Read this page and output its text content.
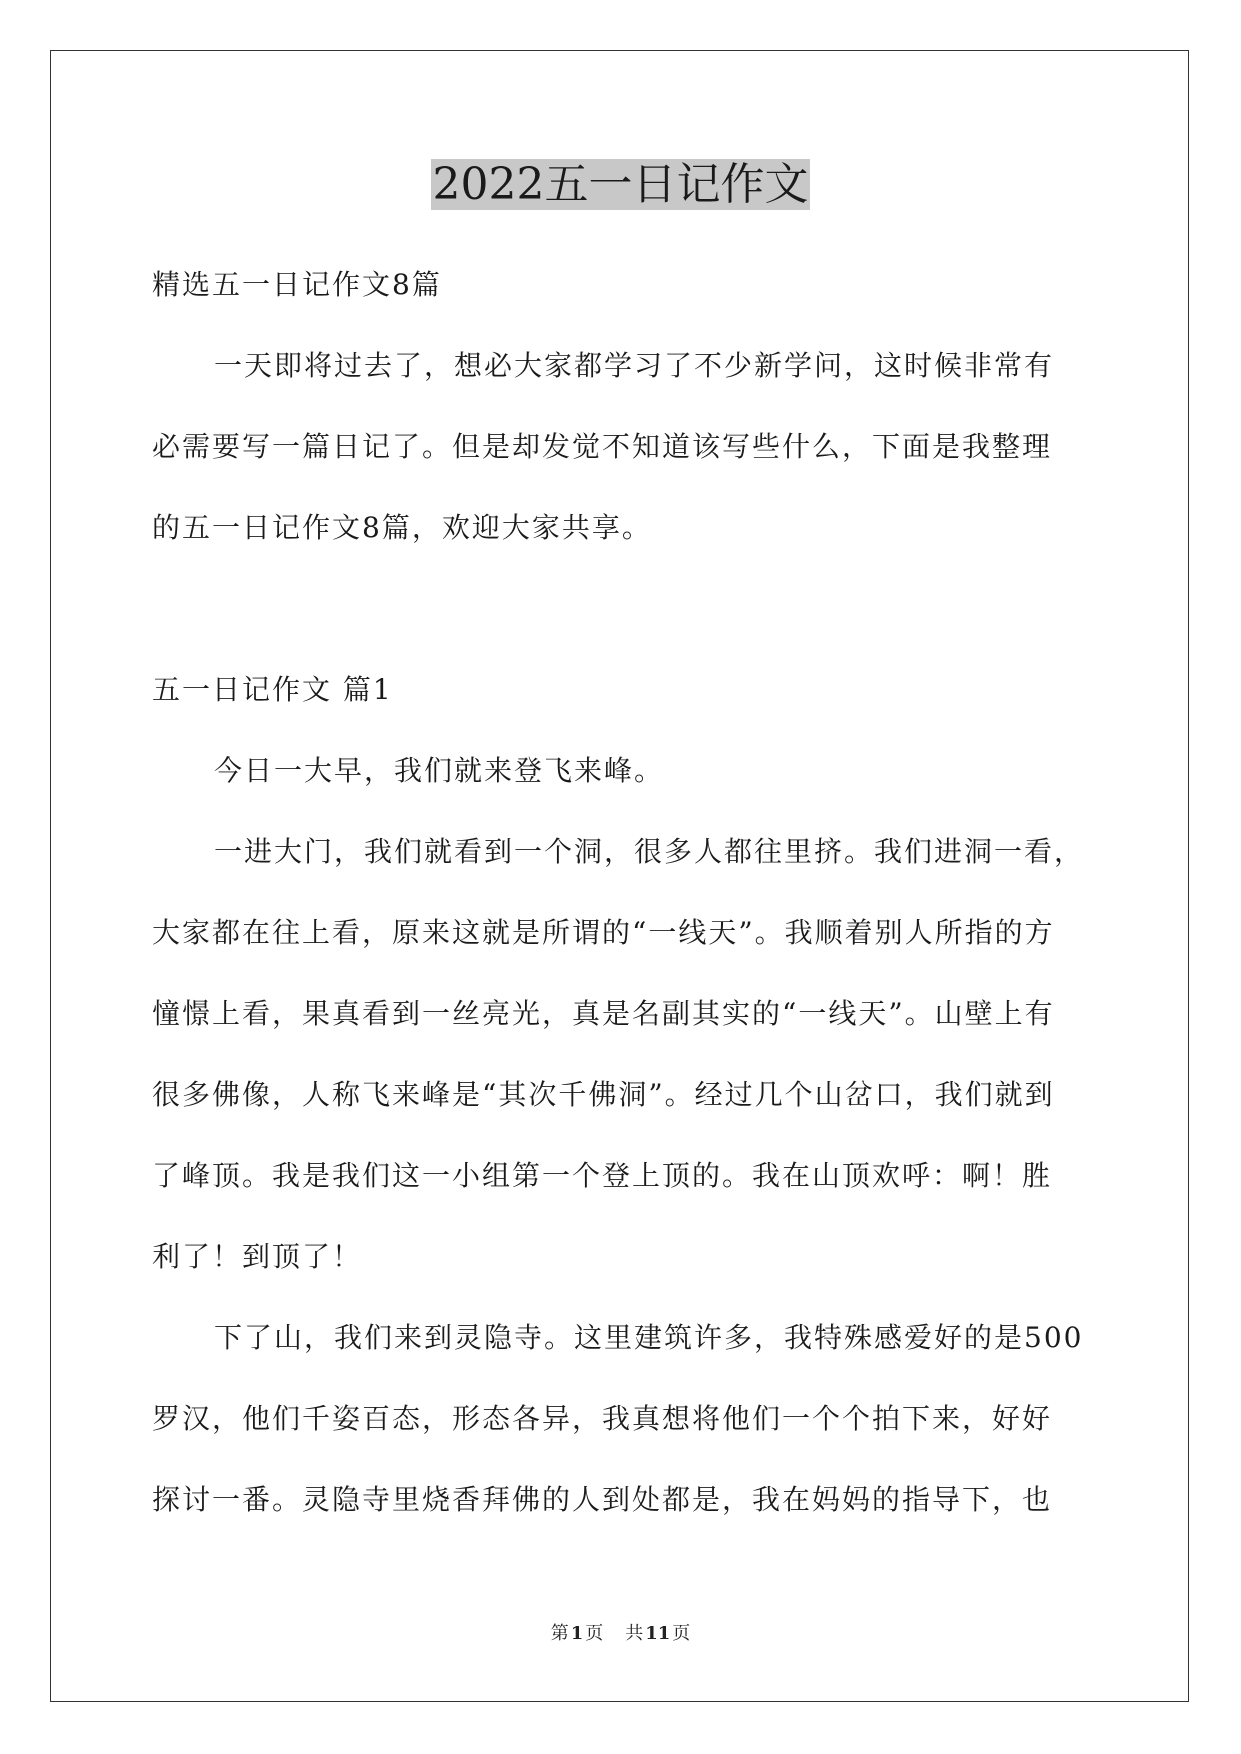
2022五一日记作文

精选五一日记作文8篇

一天即将过去了，想必大家都学习了不少新学问，这时候非常有

必需要写一篇日记了。但是却发觉不知道该写些什么，下面是我整理

的五一日记作文8篇，欢迎大家共享。

五一日记作文 篇1

今日一大早，我们就来登飞来峰。

一进大门，我们就看到一个洞，很多人都往里挤。我们进洞一看，

大家都在往上看，原来这就是所谓的“一线天”。我顺着别人所指的方

憧憬上看，果真看到一丝亮光，真是名副其实的“一线天”。山壁上有

很多佛像，人称飞来峰是“其次千佛洞”。经过几个山岔口，我们就到

了峰顶。我是我们这一小组第一个登上顶的。我在山顶欢呼：啊！胜

利了！到顶了！

下了山，我们来到灵隐寺。这里建筑许多，我特殊感爱好的是500

罗汉，他们千姿百态，形态各异，我真想将他们一个个拍下来，好好

探讨一番。灵隐寺里烧香拜佛的人到处都是，我在妈妈的指导下，也

第 1 页 共 11 页
